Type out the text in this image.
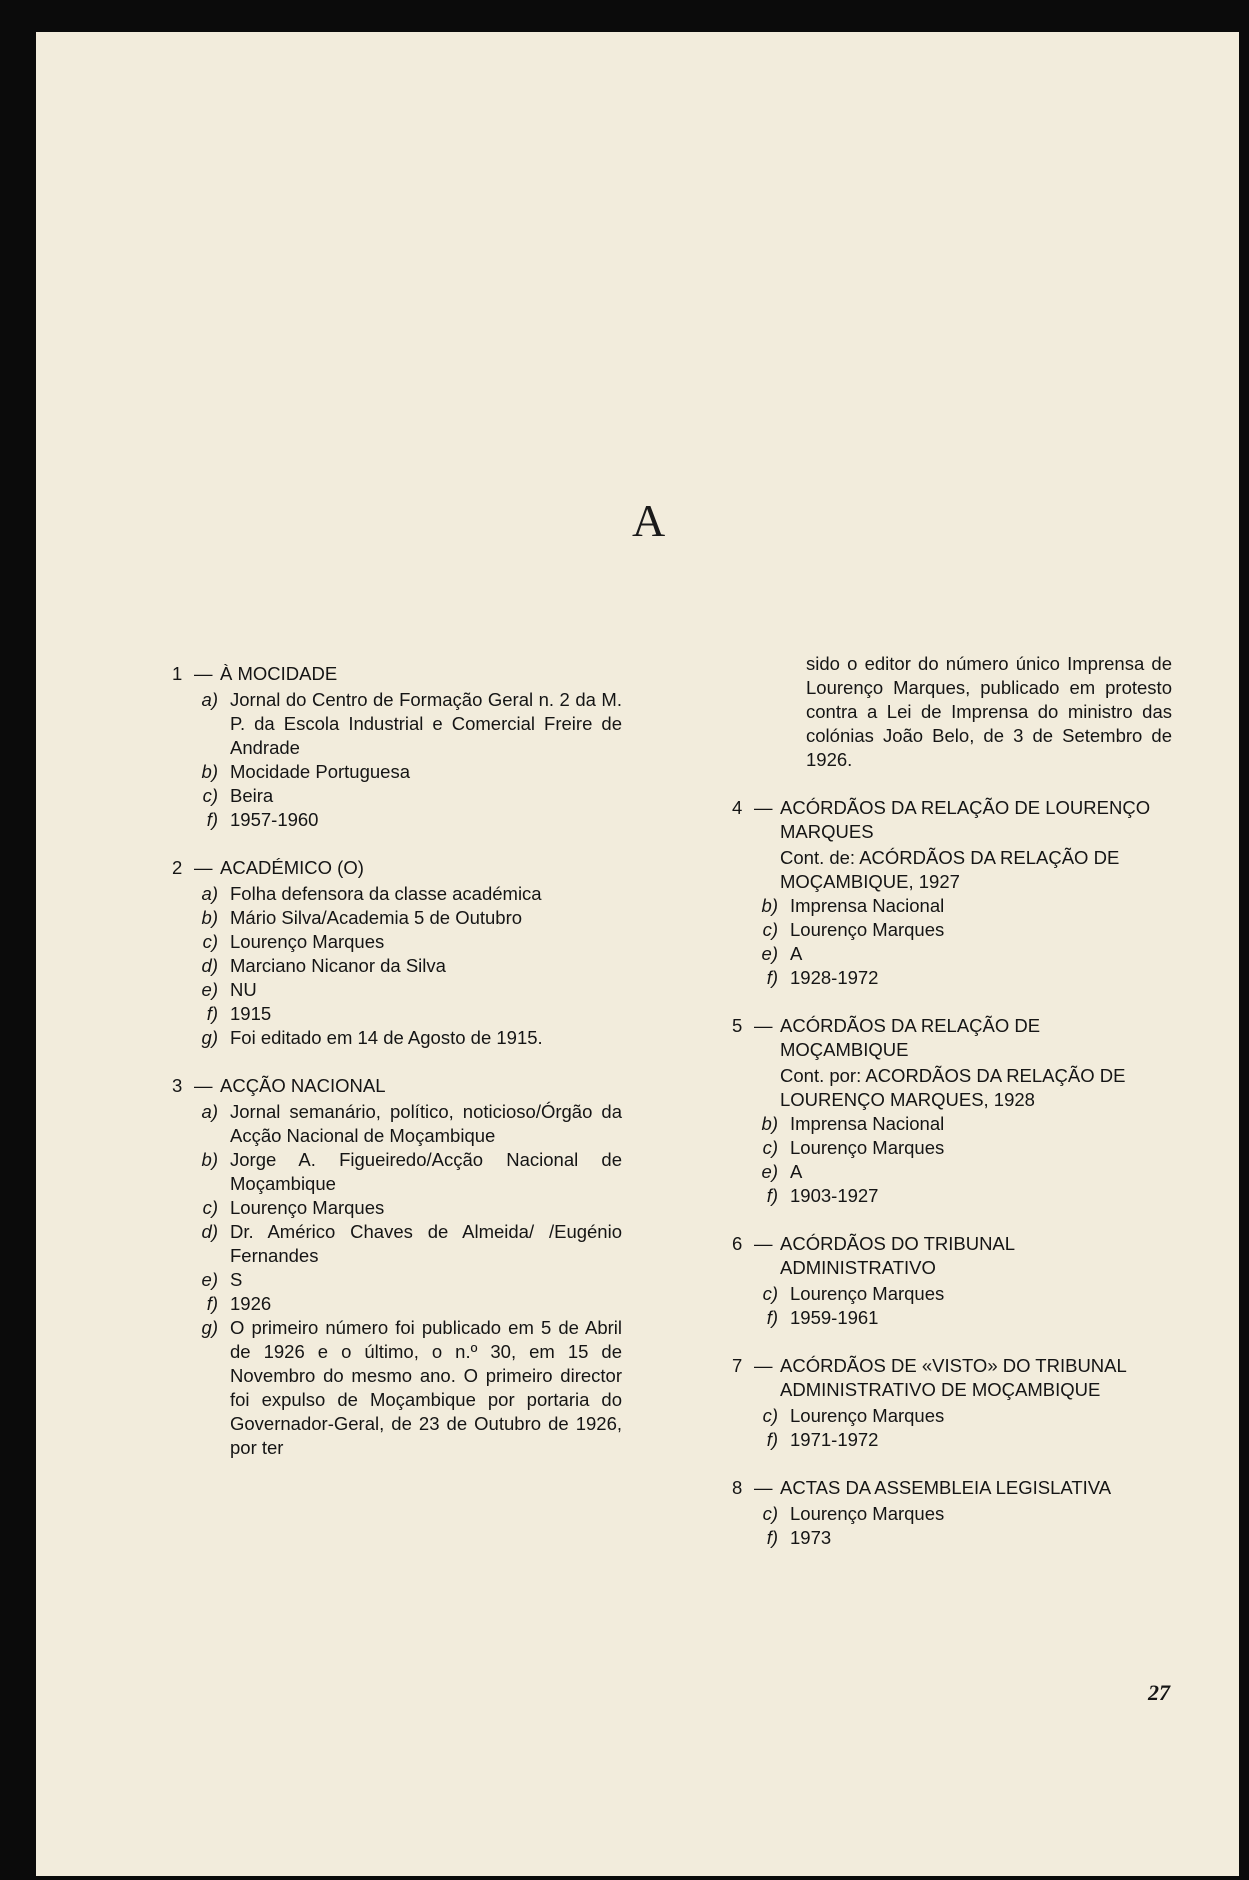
A
1 — À MOCIDADE
a) Jornal do Centro de Formação Geral n. 2 da M. P. da Escola Industrial e Comercial Freire de Andrade
b) Mocidade Portuguesa
c) Beira
f) 1957-1960
2 — ACADÉMICO (O)
a) Folha defensora da classe académica
b) Mário Silva/Academia 5 de Outubro
c) Lourenço Marques
d) Marciano Nicanor da Silva
e) NU
f) 1915
g) Foi editado em 14 de Agosto de 1915.
3 — ACÇÃO NACIONAL
a) Jornal semanário, político, noticioso/Órgão da Acção Nacional de Moçambique
b) Jorge A. Figueiredo/Acção Nacional de Moçambique
c) Lourenço Marques
d) Dr. Américo Chaves de Almeida/ /Eugénio Fernandes
e) S
f) 1926
g) O primeiro número foi publicado em 5 de Abril de 1926 e o último, o n.º 30, em 15 de Novembro do mesmo ano. O primeiro director foi expulso de Moçambique por portaria do Governador-Geral, de 23 de Outubro de 1926, por ter
sido o editor do número único Imprensa de Lourenço Marques, publicado em protesto contra a Lei de Imprensa do ministro das colónias João Belo, de 3 de Setembro de 1926.
4 — ACÓRDÃOS DA RELAÇÃO DE LOURENÇO MARQUES
Cont. de: ACÓRDÃOS DA RELAÇÃO DE MOÇAMBIQUE, 1927
b) Imprensa Nacional
c) Lourenço Marques
e) A
f) 1928-1972
5 — ACÓRDÃOS DA RELAÇÃO DE MOÇAMBIQUE
Cont. por: ACORDÃOS DA RELAÇÃO DE LOURENÇO MARQUES, 1928
b) Imprensa Nacional
c) Lourenço Marques
e) A
f) 1903-1927
6 — ACÓRDÃOS DO TRIBUNAL ADMINISTRATIVO
c) Lourenço Marques
f) 1959-1961
7 — ACÓRDÃOS DE «VISTO» DO TRIBUNAL ADMINISTRATIVO DE MOÇAMBIQUE
c) Lourenço Marques
f) 1971-1972
8 — ACTAS DA ASSEMBLEIA LEGISLATIVA
c) Lourenço Marques
f) 1973
27
